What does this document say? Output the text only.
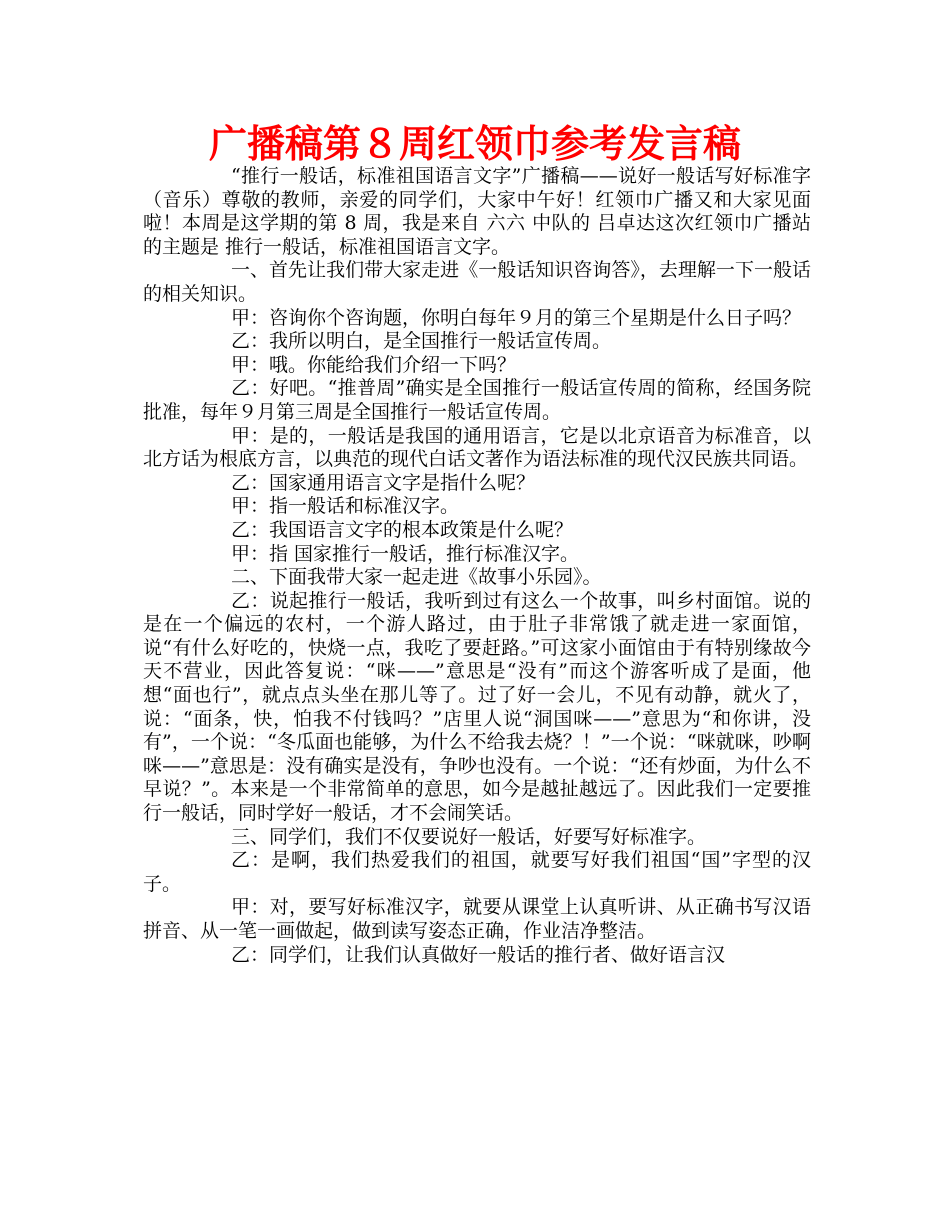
广播稿第８周红领巾参考发言稿

“推行一般话，标准祖国语言文字”广播稿——说好一般话写好标准字（音乐）尊敬的教师，亲爱的同学们，大家中午好！红领巾广播又和大家见面啦！本周是这学期的第 8 周，我是来自 六六 中队的 吕卓达这次红领巾广播站的主题是 推行一般话，标准祖国语言文字。

一、首先让我们带大家走进《一般话知识咨询答》，去理解一下一般话的相关知识。

甲：咨询你个咨询题，你明白每年９月的第三个星期是什么日子吗？

乙：我所以明白，是全国推行一般话宣传周。

甲：哦。你能给我们介绍一下吗？

乙：好吧。“推普周”确实是全国推行一般话宣传周的简称，经国务院批准，每年９月第三周是全国推行一般话宣传周。

甲：是的，一般话是我国的通用语言，它是以北京语音为标准音，以北方话为根底方言，以典范的现代白话文著作为语法标准的现代汉民族共同语。

乙：国家通用语言文字是指什么呢？

甲：指一般话和标准汉字。

乙：我国语言文字的根本政策是什么呢？

甲：指 国家推行一般话，推行标准汉字。

二、下面我带大家一起走进《故事小乐园》。

乙：说起推行一般话，我听到过有这么一个故事，叫乡村面馆。说的是在一个偏远的农村，一个游人路过，由于肚子非常饿了就走进一家面馆，说“有什么好吃的，快烧一点，我吃了要赶路。”可这家小面馆由于有特别缘故今天不营业，因此答复说：“咪——”意思是“没有”而这个游客听成了是面，他想“面也行”，就点点头坐在那儿等了。过了好一会儿，不见有动静，就火了，说：“面条，快，怕我不付钱吗？”店里人说“洞国咪——”意思为“和你讲，没有”，一个说：“冬瓜面也能够，为什么不给我去烧？！”一个说：“咪就咪，吵啊咪——”意思是：没有确实是没有，争吵也没有。一个说：“还有炒面，为什么不早说？”。本来是一个非常简单的意思，如今是越扯越远了。因此我们一定要推行一般话，同时学好一般话，才不会闹笑话。

三、同学们，我们不仅要说好一般话，好要写好标准字。

乙：是啊，我们热爱我们的祖国，就要写好我们祖国“国”字型的汉子。

甲：对，要写好标准汉字，就要从课堂上认真听讲、从正确书写汉语拼音、从一笔一画做起，做到读写姿态正确，作业洁净整洁。

乙：同学们，让我们认真做好一般话的推行者、做好语言汉
